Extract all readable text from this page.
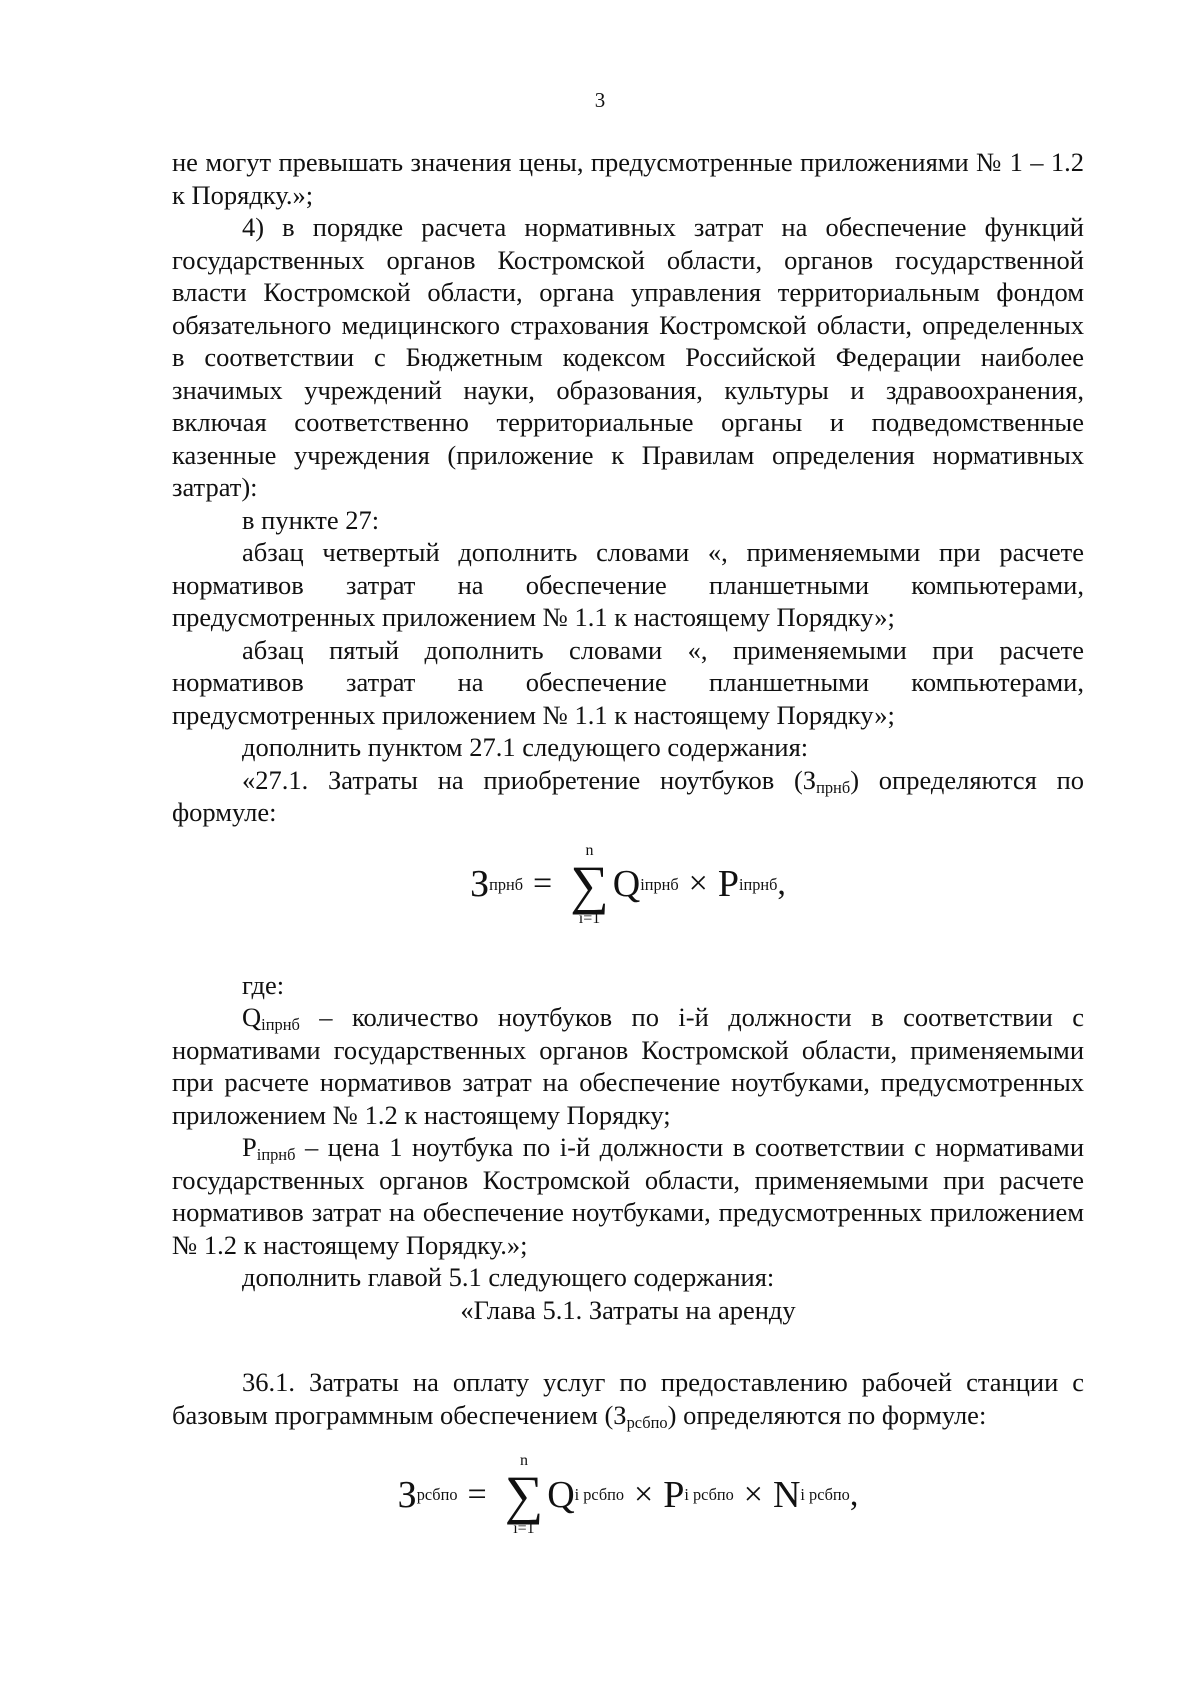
3

не могут превышать значения цены, предусмотренные приложениями № 1 – 1.2 к Порядку.»;

4) в порядке расчета нормативных затрат на обеспечение функций государственных органов Костромской области, органов государственной власти Костромской области, органа управления территориальным фондом обязательного медицинского страхования Костромской области, определенных в соответствии с Бюджетным кодексом Российской Федерации наиболее значимых учреждений науки, образования, культуры и здравоохранения, включая соответственно территориальные органы и подведомственные казенные учреждения (приложение к Правилам определения нормативных затрат):

в пункте 27:

абзац четвертый дополнить словами «, применяемыми при расчете нормативов затрат на обеспечение планшетными компьютерами, предусмотренных приложением № 1.1 к настоящему Порядку»;

абзац пятый дополнить словами «, применяемыми при расчете нормативов затрат на обеспечение планшетными компьютерами, предусмотренных приложением № 1.1 к настоящему Порядку»;

дополнить пунктом 27.1 следующего содержания:

«27.1. Затраты на приобретение ноутбуков $(З_{прнб})$ определяются по формуле:

З прнб =
n
∑
i=1
Q iпрнб × P iпрнб ,

где:

$Q_{iпрнб}$ – количество ноутбуков по i-й должности в соответствии с нормативами государственных органов Костромской области, применяемыми при расчете нормативов затрат на обеспечение ноутбуками, предусмотренных приложением № 1.2 к настоящему Порядку;

$P_{iпрнб}$ – цена 1 ноутбука по i-й должности в соответствии с нормативами государственных органов Костромской области, применяемыми при расчете нормативов затрат на обеспечение ноутбуками, предусмотренных приложением № 1.2 к настоящему Порядку.»;

дополнить главой 5.1 следующего содержания:

«Глава 5.1. Затраты на аренду

36.1. Затраты на оплату услуг по предоставлению рабочей станции с базовым программным обеспечением $(З_{рсбпо})$ определяются по формуле:

З рсбпо =
n
∑
i=1
Q i рсбпо × P i рсбпо × N i рсбпо ,
